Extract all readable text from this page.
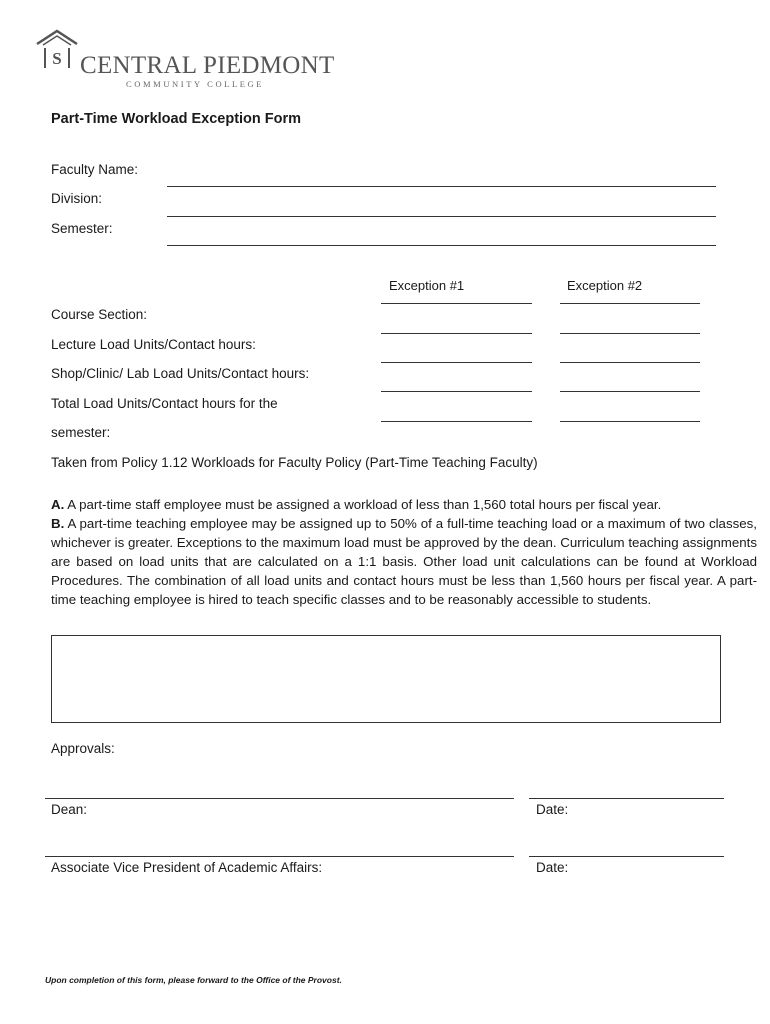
S CENTRAL PIEDMONT
COMMUNITY COLLEGE
Part-Time Workload Exception Form
Faculty Name:
Division:
Semester:
Exception #1	Exception #2
Course Section:
Lecture Load Units/Contact hours:
Shop/Clinic/ Lab Load Units/Contact hours:
Total Load Units/Contact hours for the
semester:
Taken from Policy 1.12 Workloads for Faculty Policy (Part-Time Teaching Faculty)

A. A part-time staff employee must be assigned a workload of less than 1,560 total hours per fiscal year.

B. A part-time teaching employee may be assigned up to 50% of a full-time teaching load or a maximum of two classes, whichever is greater. Exceptions to the maximum load must be approved by the dean. Curriculum teaching assignments are based on load units that are calculated on a 1:1 basis. Other load unit calculations can be found at Workload Procedures. The combination of all load units and contact hours must be less than 1,560 hours per fiscal year. A part-time teaching employee is hired to teach specific classes and to be reasonably accessible to students.

Approvals:
Dean:	Date:
Associate Vice President of Academic Affairs:	Date:
Upon completion of this form, please forward to the Office of the Provost.
